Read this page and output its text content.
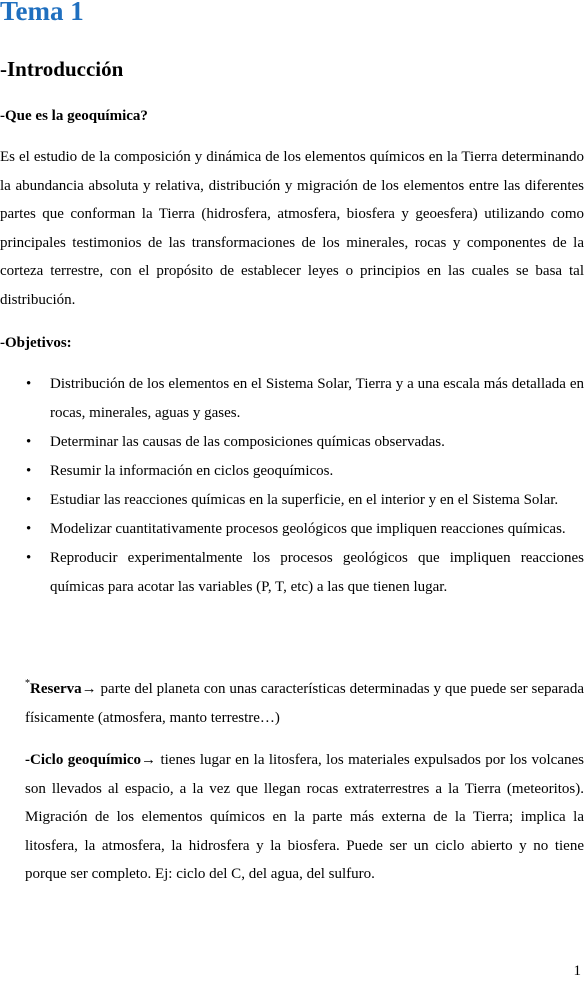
Tema 1
-Introducción
-Que es la geoquímica?

Es el estudio de la composición y dinámica de los elementos químicos en la Tierra determinando la abundancia absoluta y relativa, distribución y migración de los elementos entre las diferentes partes que conforman la Tierra (hidrosfera, atmosfera, biosfera y geoesfera) utilizando como principales testimonios de las transformaciones de los minerales, rocas y componentes de la corteza terrestre, con el propósito de establecer leyes o principios en las cuales se basa tal distribución.

-Objetivos:
• Distribución de los elementos en el Sistema Solar, Tierra y a una escala más detallada en rocas, minerales, aguas y gases.
• Determinar las causas de las composiciones químicas observadas.
• Resumir la información en ciclos geoquímicos.
• Estudiar las reacciones químicas en la superficie, en el interior y en el Sistema Solar.
• Modelizar cuantitativamente procesos geológicos que impliquen reacciones químicas.
• Reproducir experimentalmente los procesos geológicos que impliquen reacciones químicas para acotar las variables (P, T, etc) a las que tienen lugar.

*Reserva→ parte del planeta con unas características determinadas y que puede ser separada físicamente (atmosfera, manto terrestre…)

-Ciclo geoquímico→ tienes lugar en la litosfera, los materiales expulsados por los volcanes son llevados al espacio, a la vez que llegan rocas extraterrestres a la Tierra (meteoritos). Migración de los elementos químicos en la parte más externa de la Tierra; implica la litosfera, la atmosfera, la hidrosfera y la biosfera. Puede ser un ciclo abierto y no tiene porque ser completo. Ej: ciclo del C, del agua, del sulfuro.

1
